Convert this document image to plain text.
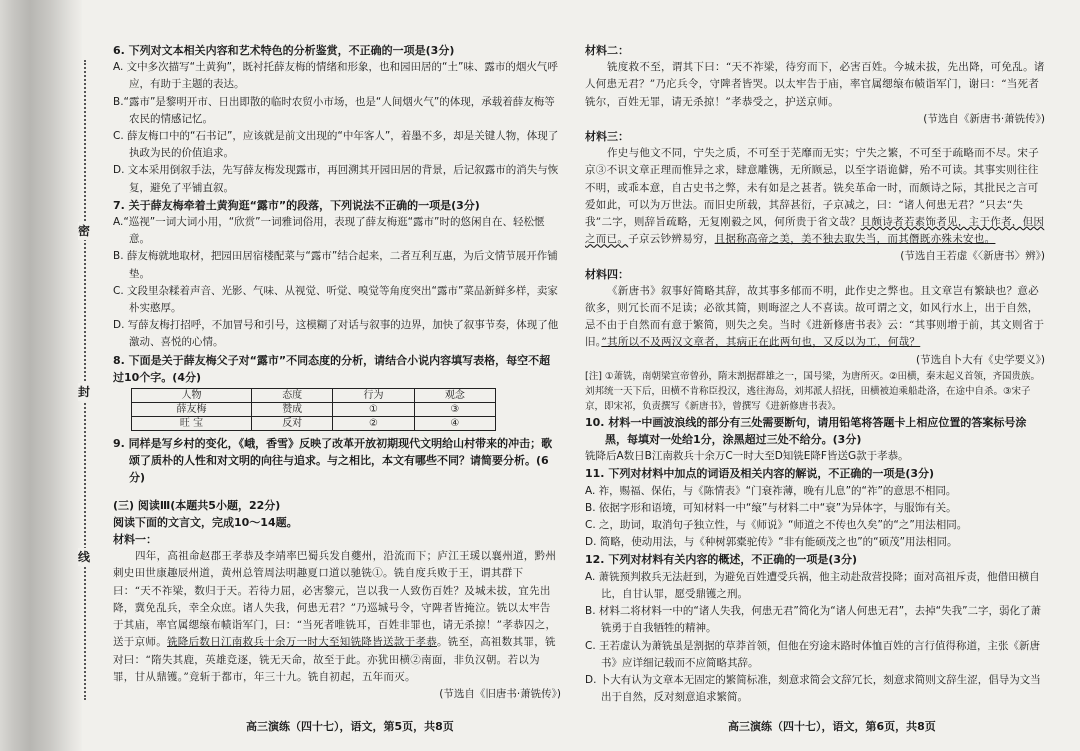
密
封
线
6. 下列对文本相关内容和艺术特色的分析鉴赏，不正确的一项是(3分)
A. 文中多次描写“土黄狗”，既衬托薛友梅的情绪和形象，也和园田居的“土”味、露市的烟火气呼应，有助于主题的表达。
B.“露市”是黎明开市、日出即散的临时农贸小市场，也是“人间烟火气”的体现，承载着薛友梅等农民的情感记忆。
C. 薛友梅口中的“石书记”，应该就是前文出现的“中年客人”，着墨不多，却是关键人物，体现了执政为民的价值追求。
D. 文本采用倒叙手法，先写薛友梅发现露市，再回溯其开园田居的背景，后记叙露市的消失与恢复，避免了平铺直叙。
7. 关于薛友梅牵着土黄狗逛“露市”的段落，下列说法不正确的一项是(3分)
A.“巡视”一词大词小用，“欣赏”一词雅词俗用，表现了薛友梅逛“露市”时的悠闲自在、轻松惬意。
B. 薛友梅就地取材，把园田居宿楼配菜与“露市”结合起来，二者互利互惠，为后文情节展开作铺垫。
C. 文段里杂糅着声音、光影、气味、从视觉、听觉、嗅觉等角度突出“露市”菜品新鲜多样，卖家朴实憨厚。
D. 写薛友梅打招呼，不加冒号和引号，这模糊了对话与叙事的边界，加快了叙事节奏，体现了他激动、喜悦的心情。
8. 下面是关于薛友梅父子对“露市”不同态度的分析，请结合小说内容填写表格，每空不超过10个字。(4分)
人物	态度	行为	观念
薛友梅	赞成	①	③
旺 宝	反对	②	④
9. 同样是写乡村的变化，《峨，香雪》反映了改革开放初期现代文明给山村带来的冲击；歌颂了质朴的人性和对文明的向往与追求。与之相比，本文有哪些不同？请简要分析。(6分)
(三) 阅读Ⅲ(本题共5小题，22分)
阅读下面的文言文，完成10～14题。
材料一：
四年，高祖命赵郡王孝恭及李靖率巴蜀兵发自夔州，沿流而下；庐江王瑗以襄州道，黔州刺史田世康趣辰州道，黄州总管周法明趣夏口道以驰铣①。铣自度兵败于王，谓其群下曰：“天不祚梁，数归于天。若待力屈，必害黎元，岂以我一人致伤百姓？及城未拔，宜先出降，冀免乱兵，幸全众庶。诸人失我，何患无君？”乃巡城号令，守陴者皆掩泣。铣以太牢告于其庙，率官属缌缞布帻诣军门，曰：“当死者唯铣耳，百姓非罪也，请无杀掠！”孝恭囚之，送于京师。铣降后数日江南救兵十余万一时大至知铣降皆送款于孝恭。铣至，高祖数其罪，铣对曰：“隋失其鹿，英雄竞逐，铣无天命，故至于此。亦犹田横②南面，非负汉朝。若以为罪，甘从鼎镬。”竟斩于都市，年三十九。铣自初起，五年而灭。
(节选自《旧唐书·萧铣传》)
高三演练（四十七），语文，第5页，共8页
材料二：
铣度救不至，谓其下曰：“天不祚梁，待穷而下，必害百姓。今城未拔，先出降，可免乱。诸人何患无君？”乃庀兵令，守陴者皆哭。以太牢告于庙，率官属缌缞布帻诣军门，谢曰：“当死者铣尔，百姓无罪，请无杀掠！”孝恭受之，护送京师。
(节选自《新唐书·萧铣传》)
材料三：
作史与他文不同，宁失之质，不可至于芜靡而无实；宁失之繁，不可至于疏略而不尽。宋子京③不识文章正理而惟异之求，肆意雕镌，无所顾忌，以至字语诡僻，殆不可读。其事实则往往不明，或乖本意，自古史书之弊，未有如是之甚者。铣矣革命一时，而颇诗之际，其批民之言可爱如此，可以为万世法。而旧史所载，其辞甚衍，子京减之，曰：“诸人何患无君？”只去“失我”二字，则辞旨疏略，无复刚毅之风，何所贵于省文哉？且颇诗者若素饰者见，主于作者，但因之而已。子京云钞辨易穷，且据称高帝之美，美不独去取失当，而其僭既亦殊未安也。
(节选自王若虚《〈新唐书〉辨》)
材料四：
《新唐书》叙事好简略其辞，故其事多郁而不明，此作史之弊也。且文章岂有繁缺也？意必欲多，则冗长而不足读；必欲其简，则晦涩之人不喜读。故可谓之文，如风行水上，出于自然，忌不由于自然而有意于繁简，则失之矣。当时《进新修唐书表》云：“其事则增于前，其文则省于旧。”其所以不及两汉文章者，其病正在此两句也，又反以为工，何哉？
(节选自卜大有《史学要义》)
[注] ①萧铣，南朝梁宣帝曾孙，隋末割据群雄之一，国号梁，为唐所灭。②田横，秦末起义首领，齐国贵族。刘邦统一天下后，田横不肯称臣投汉，逃往海岛，刘邦派人招抚，田横被迫乘船赴洛，在途中自杀。③宋子京，即宋祁，负责撰写《新唐书》，曾撰写《进新修唐书表》。
10. 材料一中画波浪线的部分有三处需要断句，请用铅笔将答题卡上相应位置的答案标号涂黑，每填对一处给1分，涂黑超过三处不给分。(3分)
铣降后A数日B江南救兵十余万C一时大至D知铣E降F皆送G款于孝恭。
11. 下列对材料中加点的词语及相关内容的解说，不正确的一项是(3分)
A. 祚，赐福、保佑，与《陈情表》“门衰祚薄，晚有儿息”的“祚”的意思不相同。
B. 依据字形和语境，可知材料一中“缞”与材料二中“衰”为异体字，与服饰有关。
C. 之，助词，取消句子独立性，与《师说》“师道之不传也久矣”的“之”用法相同。
D. 简略，使动用法，与《种树郭橐驼传》“非有能硕茂之也”的“硕茂”用法相同。
12. 下列对材料有关内容的概述，不正确的一项是(3分)
A. 萧铣预判救兵无法赶到，为避免百姓遭受兵祸，他主动赴敌营投降；面对高祖斥责，他借田横自比，自甘认罪，愿受鼎镬之刑。
B. 材料二将材料一中的“诸人失我，何患无君”简化为“诸人何患无君”，去掉“失我”二字，弱化了萧铣勇于自我牺牲的精神。
C. 王若虚认为萧铣虽是割据的草莽首领，但他在穷途末路时体恤百姓的言行值得称道，主张《新唐书》应详细记载而不应简略其辞。
D. 卜大有认为文章本无固定的繁简标准，刻意求简会文辞冗长，刻意求简则文辞生涩，倡导为文当出于自然，反对刻意追求繁简。
高三演练（四十七），语文，第6页，共8页
